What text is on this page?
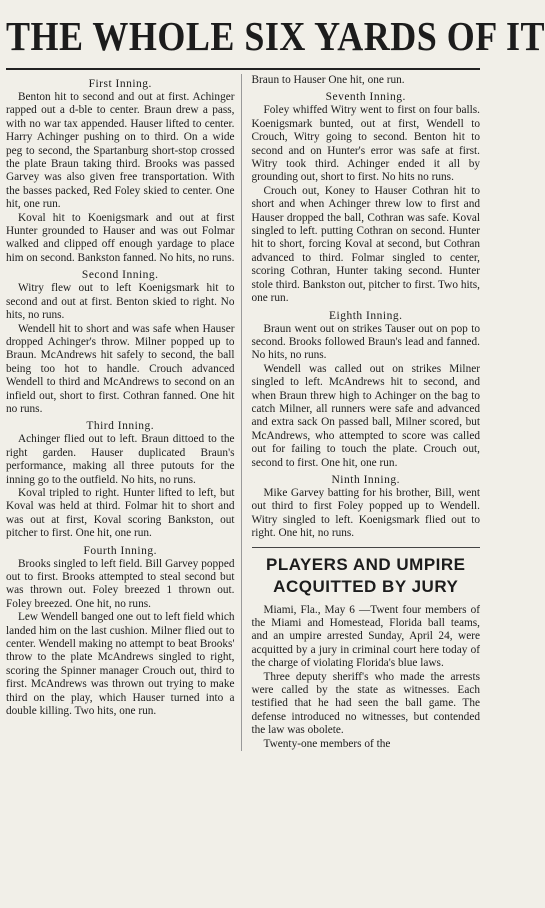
THE WHOLE SIX YARDS OF IT
First Inning.

Benton hit to second and out at first. Achinger rapped out a d-ble to center. Braun drew a pass, with no war tax appended. Hauser lifted to center. Harry Achinger pushing on to third. On a wide peg to second, the Spartanburg short-stop crossed the plate Braun taking third. Brooks was passed Garvey was also given free transportation. With the basses packed, Red Foley skied to center. One hit, one run.

Koval hit to Koenigsmark and out at first Hunter grounded to Hauser and was out Folmar walked and clipped off enough yardage to place him on second. Bankston fanned. No hits, no runs.

Second Inning.

Witry flew out to left Koenigsmark hit to second and out at first. Benton skied to right. No hits, no runs.

Wendell hit to short and was safe when Hauser dropped Achinger's throw. Milner popped up to Braun. McAndrews hit safely to second, the ball being too hot to handle. Crouch advanced Wendell to third and McAndrews to second on an infield out, short to first. Cothran fanned. One hit no runs.

Third Inning.

Achinger flied out to left. Braun dittoed to the right garden. Hauser duplicated Braun's performance, making all three putouts for the inning go to the outfield. No hits, no runs.

Koval tripled to right. Hunter lifted to left, but Koval was held at third. Folmar hit to short and was out at first, Koval scoring Bankston, out pitcher to first. One hit, one run.

Fourth Inning.

Brooks singled to left field. Bill Garvey popped out to first. Brooks attempted to steal second but was thrown out. Foley breezed 1 thrown out. Foley breezed. One hit, no runs.

Lew Wendell banged one out to left field which landed him on the last cushion. Milner flied out to center. Wendell making no attempt to beat Brooks' throw to the plate McAndrews singled to right, scoring the Spinner manager Crouch out, third to first. McAndrews was thrown out trying to make third on the play, which Hauser turned into a double killing. Two hits, one run.

Braun to Hauser One hit, one run.

Seventh Inning.

Foley whiffed Witry went to first on four balls. Koenigsmark bunted, out at first, Wendell to Crouch, Witry going to second. Benton hit to second and on Hunter's error was safe at first. Witry took third. Achinger ended it all by grounding out, short to first. No hits no runs.

Crouch out, Koney to Hauser Cothran hit to short and when Achinger threw low to first and Hauser dropped the ball, Cothran was safe. Koval singled to left. putting Cothran on second. Hunter hit to short, forcing Koval at second, but Cothran advanced to third. Folmar singled to center, scoring Cothran, Hunter taking second. Hunter stole third. Bankston out, pitcher to first. Two hits, one run.

Eighth Inning.

Braun went out on strikes Tauser out on pop to second. Brooks followed Braun's lead and fanned. No hits, no runs.

Wendell was called out on strikes Milner singled to left. McAndrews hit to second, and when Braun threw high to Achinger on the bag to catch Milner, all runners were safe and advanced and extra sack On passed ball, Milner scored, but McAndrews, who attempted to score was called out for failing to touch the plate. Crouch out, second to first. One hit, one run.

Ninth Inning.

Mike Garvey batting for his brother, Bill, went out third to first Foley popped up to Wendell. Witry singled to left. Koenigsmark flied out to right. One hit, no runs.

PLAYERS AND UMPIRE
ACQUITTED BY JURY

Miami, Fla., May 6 —Twent four members of the Miami and Homestead, Florida ball teams, and an umpire arrested Sunday, April 24, were acquitted by a jury in criminal court here today of the charge of violating Florida's blue laws.

Three deputy sheriff's who made the arrests were called by the state as witnesses. Each testified that he had seen the ball game. The defense introduced no witnesses, but contended the law was obolete.

Twenty-one members of the
